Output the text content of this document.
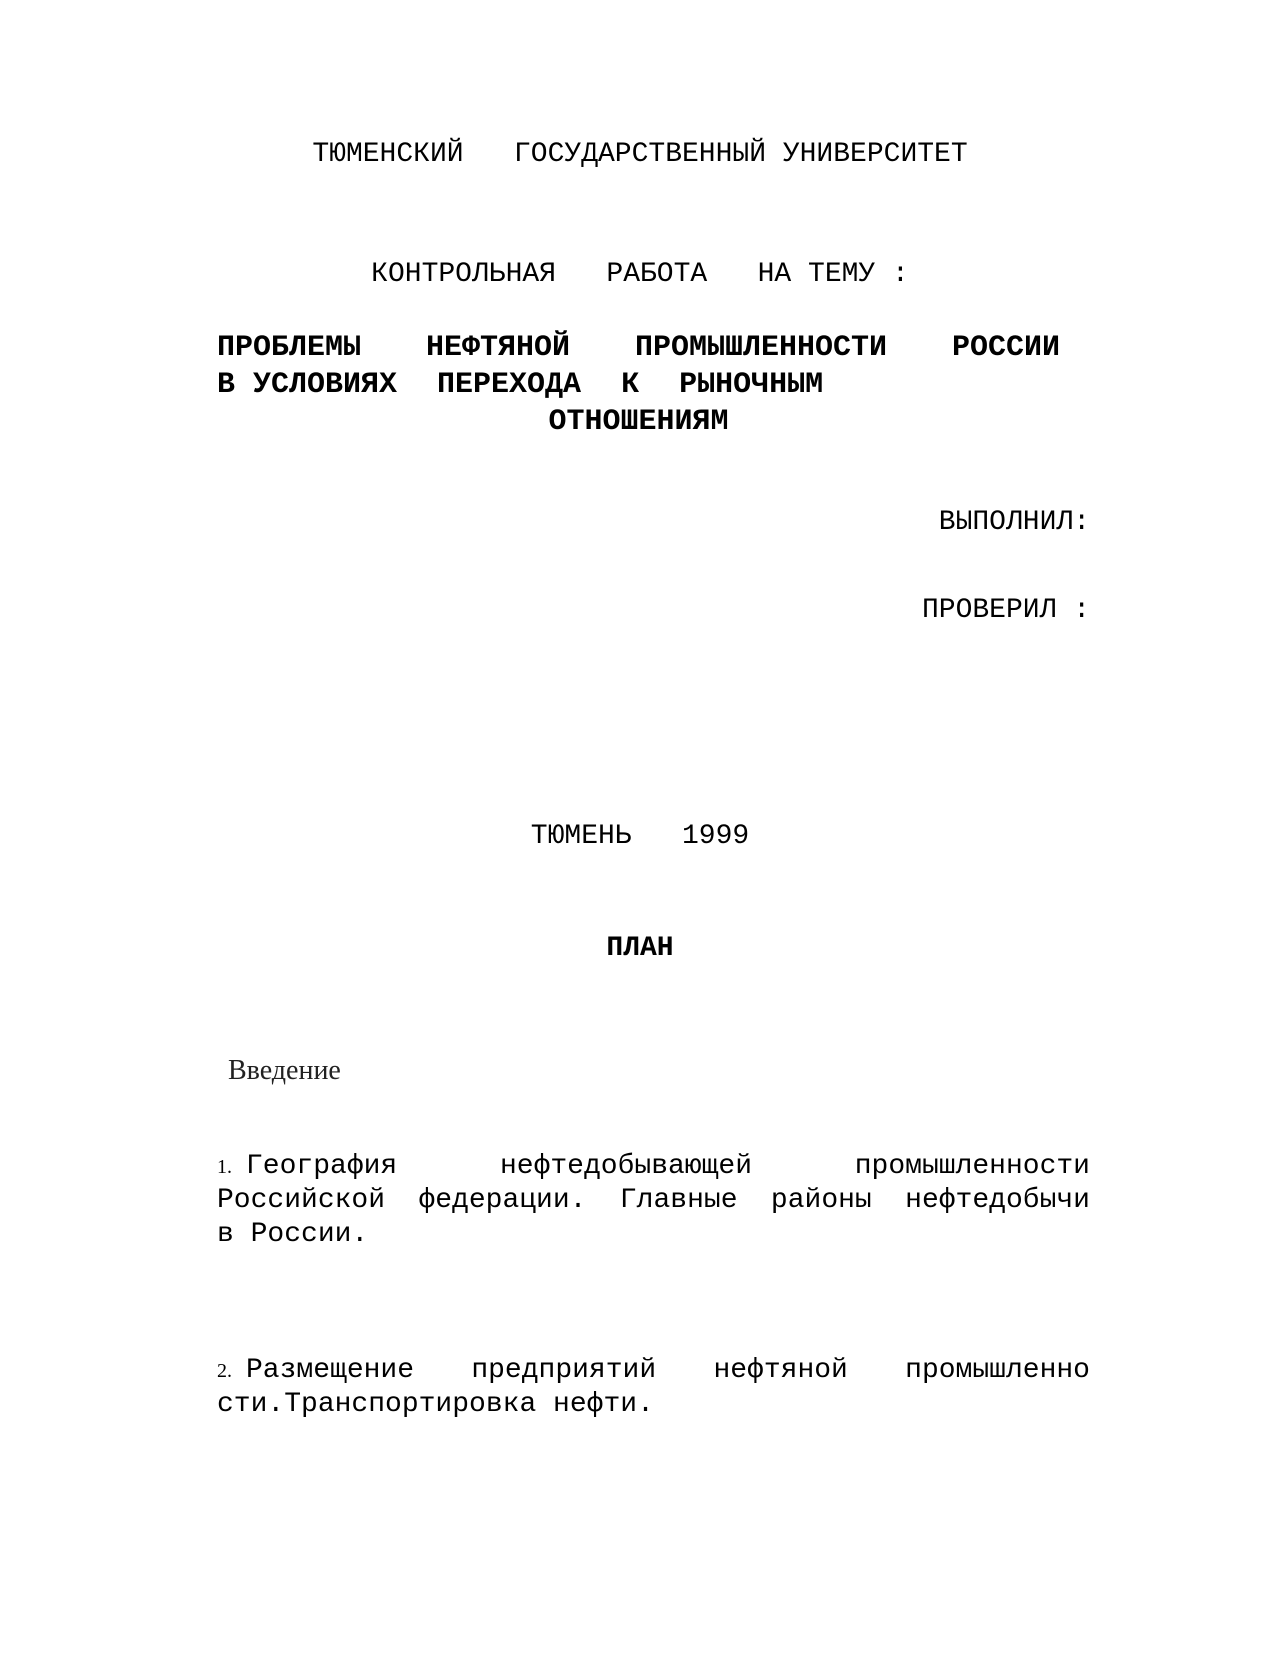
ТЮМЕНСКИЙ   ГОСУДАРСТВЕННЫЙ УНИВЕРСИТЕТ
КОНТРОЛЬНАЯ   РАБОТА   НА ТЕМУ :
ПРОБЛЕМЫ НЕФТЯНОЙ ПРОМЫШЛЕННОСТИ РОССИИ
В УСЛОВИЯХ ПЕРЕХОДА К РЫНОЧНЫМ
ОТНОШЕНИЯМ
ВЫПОЛНИЛ:
ПРОВЕРИЛ :
ТЮМЕНЬ   1999
ПЛАН
Введение
1. География	нефтедобывающей	промышленности
Российской федерации. Главные районы нефтедобычи
в России.
2. Размещение предприятий нефтяной промышленно
сти.Транспортировка нефти.
